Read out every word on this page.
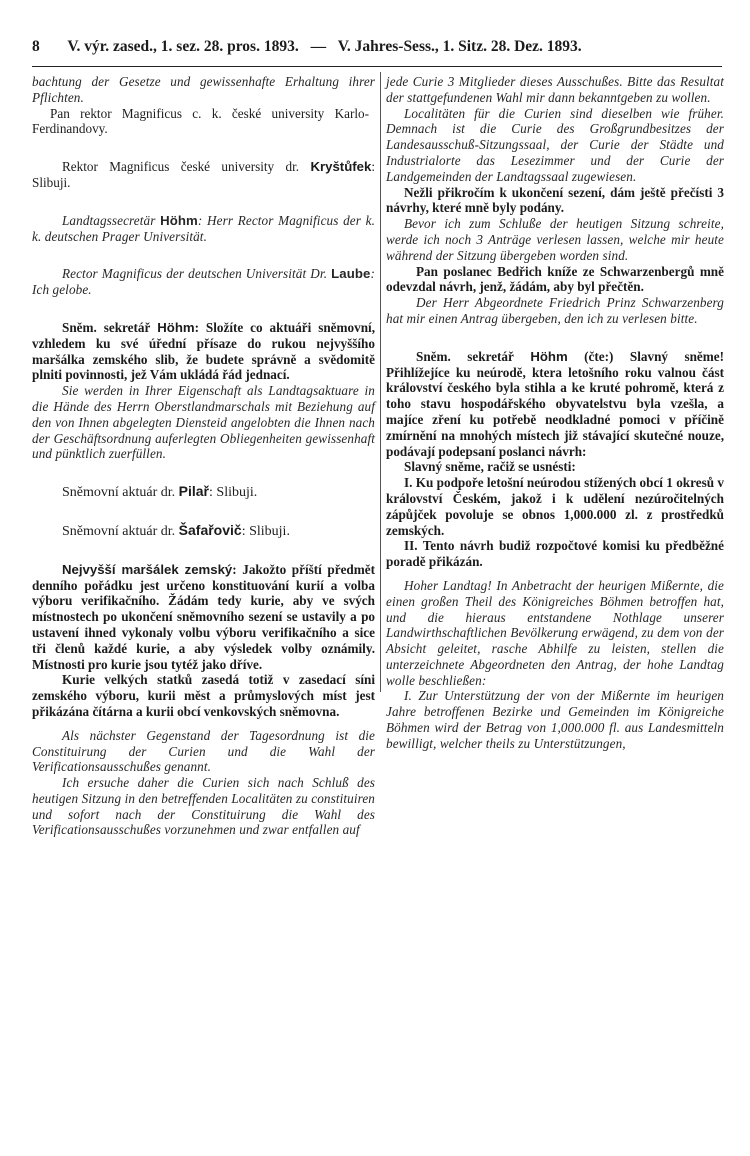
8 V. výr. zased., 1. sez. 28. pros. 1893. — V. Jahres-Sess., 1. Sitz. 28. Dez. 1893.

bachtung der Gesetze und gewissenhafte Erhaltung ihrer Pflichten.

Pan rektor Magnificus c. k. české university Karlo-Ferdinandovy.

Rektor Magnificus české university dr. Kryštůfek: Slibuji.

Landtagssecretär Höhm: Herr Rector Magnificus der k. k. deutschen Prager Universität.

Rector Magnificus der deutschen Universität Dr. Laube: Ich gelobe.

Sněm. sekretář Höhm: Složíte co aktuáři sněmovní, vzhledem ku své úřední přísaze do rukou nejvyššího maršálka zemského slib, že budete správně a svědomitě plniti povinnosti, jež Vám ukládá řád jednací.

Sie werden in Ihrer Eigenschaft als Landtagsaktuare in die Hände des Herrn Oberstlandmarschals mit Beziehung auf den von Ihnen abgelegten Diensteid angelobten die Ihnen nach der Geschäftsordnung auferlegten Obliegenheiten gewissenhaft und pünktlich zuerfüllen.

Sněmovní aktuár dr. Pilař: Slibuji.

Sněmovní aktuár dr. Šafařovič: Slibuji.

Nejvyšší maršálek zemský: Jakožto příští předmět denního pořádku jest určeno konstituování kurií a volba výboru verifikačního. Žádám tedy kurie, aby ve svých místnostech po ukončení sněmovního sezení se ustavily a po ustavení ihned vykonaly volbu výboru verifikačního a sice tři členů každé kurie, a aby výsledek volby oznámily. Místnosti pro kurie jsou tytéž jako dříve.

Kurie velkých statků zasedá totiž v zasedací síni zemského výboru, kurii měst a průmyslových míst jest přikázána čítárna a kurii obcí venkovských sněmovna.

Als nächster Gegenstand der Tagesordnung ist die Constituirung der Curien und die Wahl der Verificationsausschußes genannt.

Ich ersuche daher die Curien sich nach Schluß des heutigen Sitzung in den betreffenden Localitäten zu constituiren und sofort nach der Constituirung die Wahl des Verificationsausschußes vorzunehmen und zwar entfallen auf

jede Curie 3 Mitglieder dieses Ausschußes. Bitte das Resultat der stattgefundenen Wahl mir dann bekanntgeben zu wollen.

Localitäten für die Curien sind dieselben wie früher. Demnach ist die Curie des Großgrundbesitzes der Landesausschuß-Sitzungssaal, der Curie der Städte und Industrialorte das Lesezimmer und der Curie der Landgemeinden der Landtagssaal zugewiesen.

Nežli přikročím k ukončení sezení, dám ještě přečísti 3 návrhy, které mně byly podány.

Bevor ich zum Schluße der heutigen Sitzung schreite, werde ich noch 3 Anträge verlesen lassen, welche mir heute während der Sitzung übergeben worden sind.

Pan poslanec Bedřich kníže ze Schwarzenbergů mně odevzdal návrh, jenž, žádám, aby byl přečtěn.

Der Herr Abgeordnete Friedrich Prinz Schwarzenberg hat mir einen Antrag übergeben, den ich zu verlesen bitte.

Sněm. sekretář Höhm (čte:) Slavný sněme! Přihlížejíce ku neúrodě, ktera letošního roku valnou část království českého byla stihla a ke kruté pohromě, která z toho stavu hospodářského obyvatelstvu byla vzešla, a majíce zření ku potřebě neodkladné pomoci v příčině zmírnění na mnohých místech již stávající skutečné nouze, podávají podepsaní poslanci návrh:

Slavný sněme, račiž se usnésti:

I. Ku podpoře letošní neúrodou stížených obcí 1 okresů v království Českém, jakož i k udělení nezúročitelných zápůjček povoluje se obnos 1,000.000 zl. z prostředků zemských.

II. Tento návrh budiž rozpočtové komisi ku předběžné poradě přikázán.

Hoher Landtag! In Anbetracht der heurigen Mißernte, die einen großen Theil des Königreiches Böhmen betroffen hat, und die hieraus entstandene Nothlage unserer Landwirthschaftlichen Bevölkerung erwägend, zu dem von der Absicht geleitet, rasche Abhilfe zu leisten, stellen die unterzeichnete Abgeordneten den Antrag, der hohe Landtag wolle beschließen:

I. Zur Unterstützung der von der Mißernte im heurigen Jahre betroffenen Bezirke und Gemeinden im Königreiche Böhmen wird der Betrag von 1,000.000 fl. aus Landesmitteln bewilligt, welcher theils zu Unterstützungen,
